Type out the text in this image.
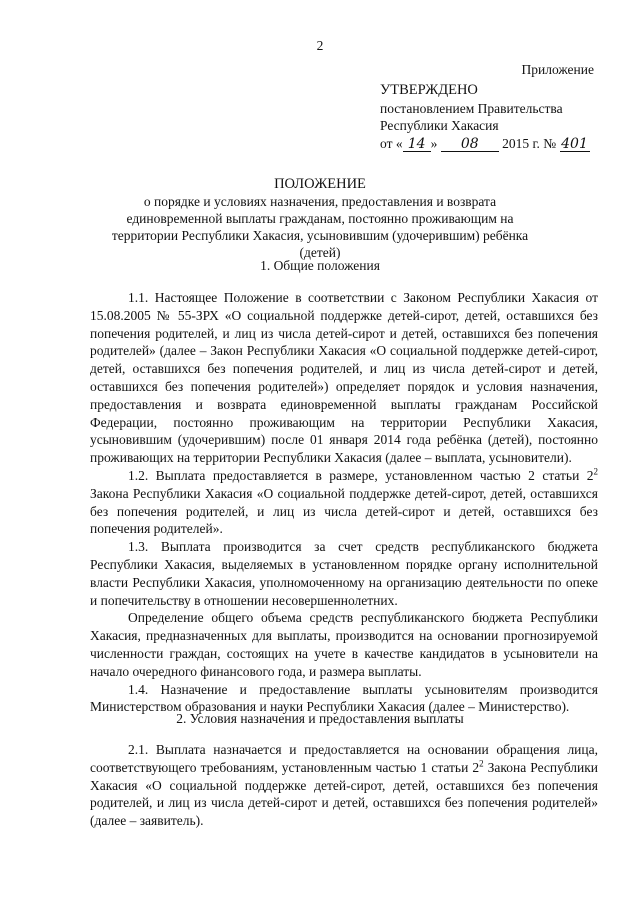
2
Приложение
УТВЕРЖДЕНО
постановлением Правительства
Республики Хакасия
от « 14 » 08 2015 г. № 401
ПОЛОЖЕНИЕ
о порядке и условиях назначения, предоставления и возврата единовременной выплаты гражданам, постоянно проживающим на территории Республики Хакасия, усыновившим (удочерившим) ребёнка (детей)
1. Общие положения

1.1. Настоящее Положение в соответствии с Законом Республики Хакасия от 15.08.2005 № 55-ЗРХ «О социальной поддержке детей-сирот, детей, оставшихся без попечения родителей, и лиц из числа детей-сирот и детей, оставшихся без попечения родителей» (далее – Закон Республики Хакасия «О социальной поддержке детей-сирот, детей, оставшихся без попечения родителей, и лиц из числа детей-сирот и детей, оставшихся без попечения родителей») определяет порядок и условия назначения, предоставления и возврата единовременной выплаты гражданам Российской Федерации, постоянно проживающим на территории Республики Хакасия, усыновившим (удочерившим) после 01 января 2014 года ребёнка (детей), постоянно проживающих на территории Республики Хакасия (далее – выплата, усыновители).

1.2. Выплата предоставляется в размере, установленном частью 2 статьи $2^2$ Закона Республики Хакасия «О социальной поддержке детей-сирот, детей, оставшихся без попечения родителей, и лиц из числа детей-сирот и детей, оставшихся без попечения родителей».

1.3. Выплата производится за счет средств республиканского бюджета Республики Хакасия, выделяемых в установленном порядке органу исполнительной власти Республики Хакасия, уполномоченному на организацию деятельности по опеке и попечительству в отношении несовершеннолетних.

Определение общего объема средств республиканского бюджета Республики Хакасия, предназначенных для выплаты, производится на основании прогнозируемой численности граждан, состоящих на учете в качестве кандидатов в усыновители на начало очередного финансового года, и размера выплаты.

1.4. Назначение и предоставление выплаты усыновителям производится Министерством образования и науки Республики Хакасия (далее – Министерство).

2. Условия назначения и предоставления выплаты

2.1. Выплата назначается и предоставляется на основании обращения лица, соответствующего требованиям, установленным частью 1 статьи $2^2$ Закона Республики Хакасия «О социальной поддержке детей-сирот, детей, оставшихся без попечения родителей, и лиц из числа детей-сирот и детей, оставшихся без попечения родителей» (далее – заявитель).
